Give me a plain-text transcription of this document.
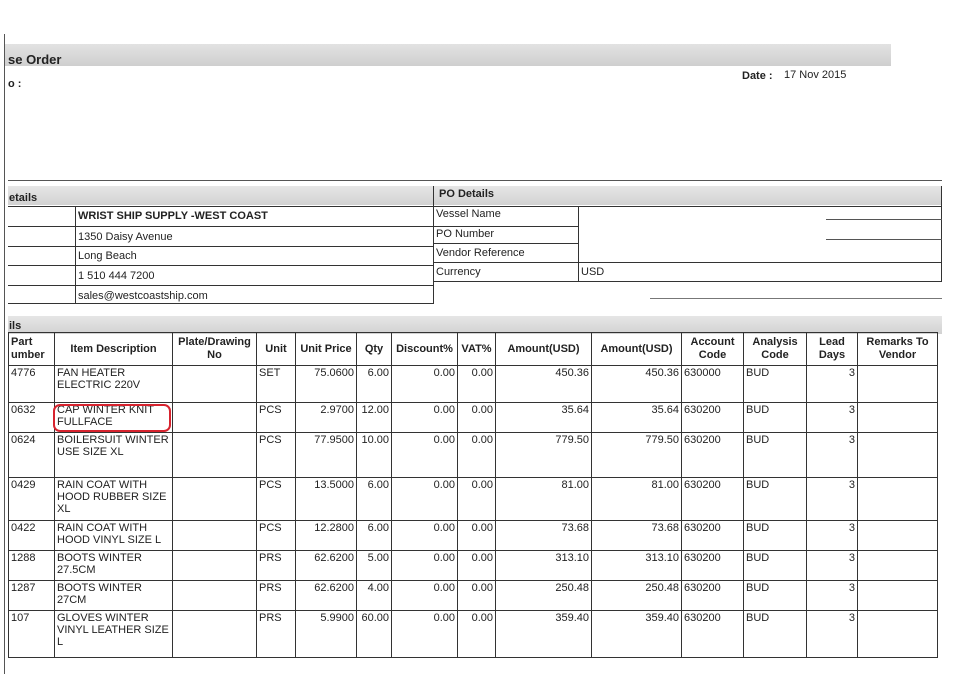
se Order
o :
Date : 17 Nov 2015
etails	PO Details
WRIST SHIP SUPPLY -WEST COAST
1350 Daisy Avenue
Long Beach
1 510 444 7200
sales@westcoastship.com
Vessel Name
PO Number
Vendor Reference
Currency	USD
ils
Part
umber	Item Description	Plate/Drawing No	Unit	Unit Price	Qty	Discount%	VAT%	Amount(USD)	Amount(USD)	Account Code	Analysis Code	Lead Days	Remarks To Vendor
4776	FAN HEATER ELECTRIC 220V		SET	75.0600	6.00	0.00	0.00	450.36	450.36	630000	BUD	3	
0632	CAP WINTER KNIT FULLFACE		PCS	2.9700	12.00	0.00	0.00	35.64	35.64	630200	BUD	3	
0624	BOILERSUIT WINTER USE SIZE XL		PCS	77.9500	10.00	0.00	0.00	779.50	779.50	630200	BUD	3	
0429	RAIN COAT WITH HOOD RUBBER SIZE XL		PCS	13.5000	6.00	0.00	0.00	81.00	81.00	630200	BUD	3	
0422	RAIN COAT WITH HOOD VINYL SIZE L		PCS	12.2800	6.00	0.00	0.00	73.68	73.68	630200	BUD	3	
1288	BOOTS WINTER 27.5CM		PRS	62.6200	5.00	0.00	0.00	313.10	313.10	630200	BUD	3	
1287	BOOTS WINTER 27CM		PRS	62.6200	4.00	0.00	0.00	250.48	250.48	630200	BUD	3	
107	GLOVES WINTER VINYL LEATHER SIZE L		PRS	5.9900	60.00	0.00	0.00	359.40	359.40	630200	BUD	3	
